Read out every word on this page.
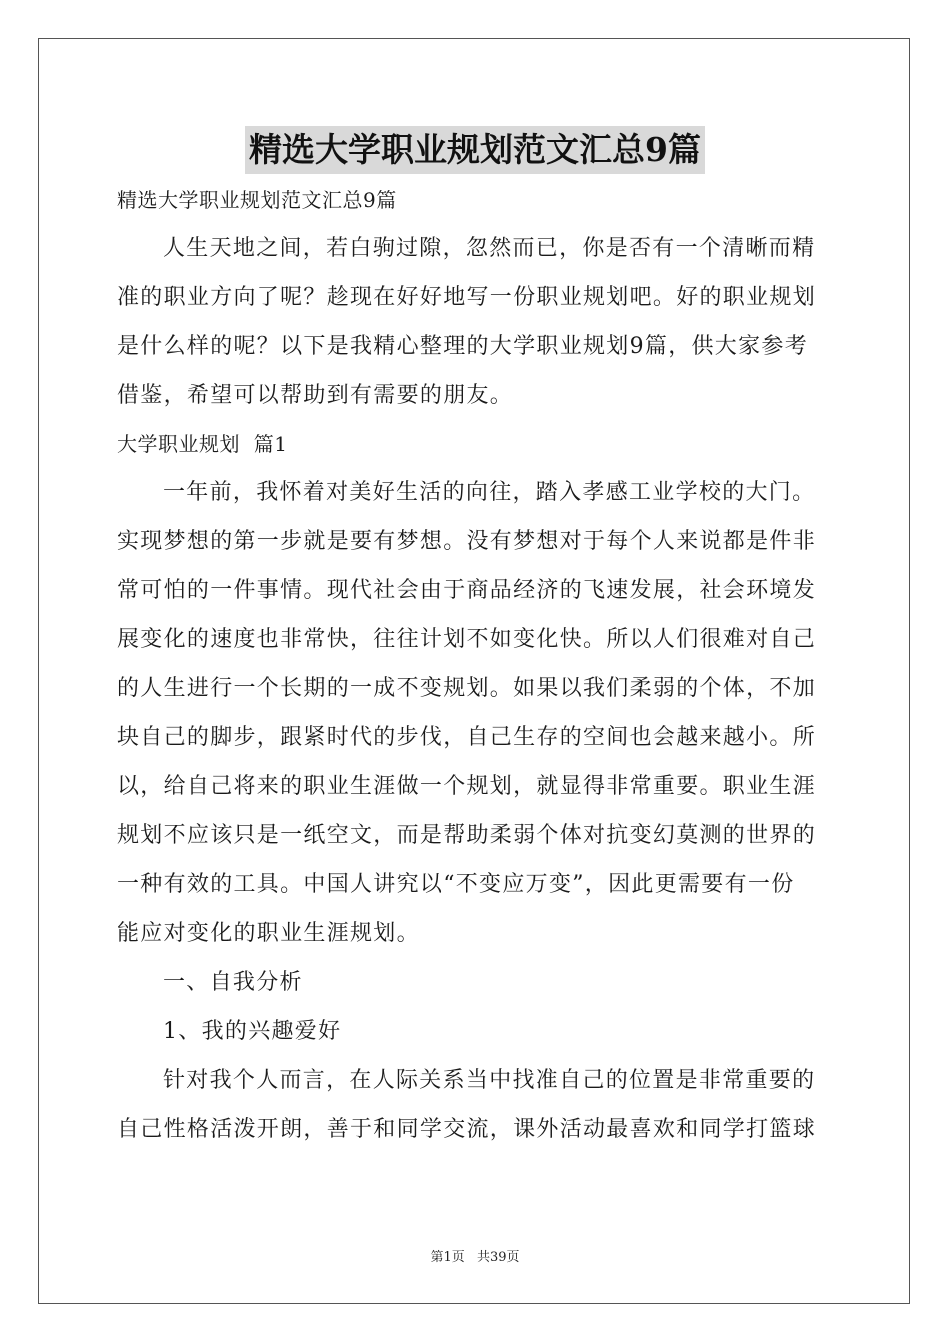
精选大学职业规划范文汇总9篇
精选大学职业规划范文汇总9篇
人生天地之间，若白驹过隙，忽然而已，你是否有一个清晰而精
准的职业方向了呢？趁现在好好地写一份职业规划吧。好的职业规划
是什么样的呢？以下是我精心整理的大学职业规划9篇，供大家参考
借鉴，希望可以帮助到有需要的朋友。
大学职业规划  篇1
一年前，我怀着对美好生活的向往，踏入孝感工业学校的大门。
实现梦想的第一步就是要有梦想。没有梦想对于每个人来说都是件非
常可怕的一件事情。现代社会由于商品经济的飞速发展，社会环境发
展变化的速度也非常快，往往计划不如变化快。所以人们很难对自己
的人生进行一个长期的一成不变规划。如果以我们柔弱的个体，不加
块自己的脚步，跟紧时代的步伐，自己生存的空间也会越来越小。所
以，给自己将来的职业生涯做一个规划，就显得非常重要。职业生涯
规划不应该只是一纸空文，而是帮助柔弱个体对抗变幻莫测的世界的
一种有效的工具。中国人讲究以“不变应万变”，因此更需要有一份
能应对变化的职业生涯规划。
一、自我分析
1、我的兴趣爱好
针对我个人而言，在人际关系当中找准自己的位置是非常重要的
自己性格活泼开朗，善于和同学交流，课外活动最喜欢和同学打篮球
第1页 共39页
